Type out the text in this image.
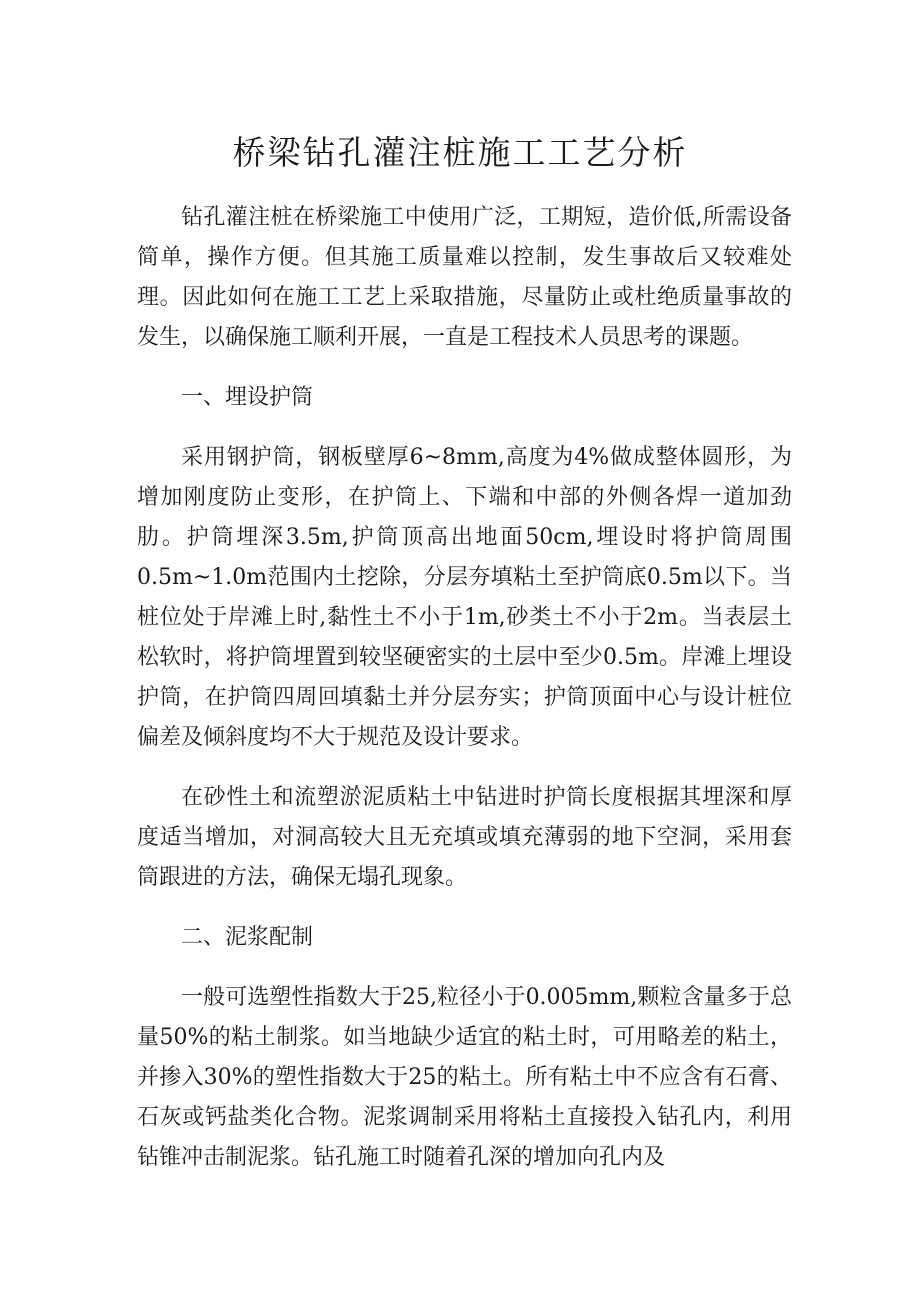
桥梁钻孔灌注桩施工工艺分析

钻孔灌注桩在桥梁施工中使用广泛，工期短，造价低,所需设备简单，操作方便。但其施工质量难以控制，发生事故后又较难处理。因此如何在施工工艺上采取措施，尽量防止或杜绝质量事故的发生，以确保施工顺利开展，一直是工程技术人员思考的课题。

一、埋设护筒

采用钢护筒，钢板壁厚6~8mm,高度为4%做成整体圆形，为增加刚度防止变形，在护筒上、下端和中部的外侧各焊一道加劲肋。护筒埋深3.5m,护筒顶高出地面50cm,埋设时将护筒周围0.5m~1.0m范围内土挖除，分层夯填粘土至护筒底0.5m以下。当桩位处于岸滩上时,黏性土不小于1m,砂类土不小于2m。当表层土松软时，将护筒埋置到较坚硬密实的土层中至少0.5m。岸滩上埋设护筒，在护筒四周回填黏土并分层夯实；护筒顶面中心与设计桩位偏差及倾斜度均不大于规范及设计要求。

在砂性土和流塑淤泥质粘土中钻进时护筒长度根据其埋深和厚度适当增加，对洞高较大且无充填或填充薄弱的地下空洞，采用套筒跟进的方法，确保无塌孔现象。

二、泥浆配制

一般可选塑性指数大于25,粒径小于0.005mm,颗粒含量多于总量50%的粘土制浆。如当地缺少适宜的粘土时，可用略差的粘土，并掺入30%的塑性指数大于25的粘土。所有粘土中不应含有石膏、石灰或钙盐类化合物。泥浆调制采用将粘土直接投入钻孔内，利用钻锥冲击制泥浆。钻孔施工时随着孔深的增加向孔内及
